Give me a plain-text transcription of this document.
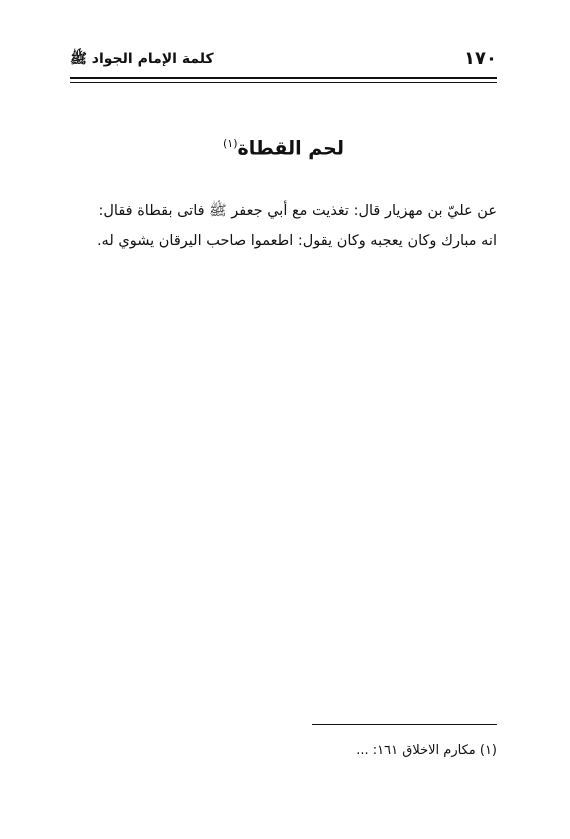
١٧٠
كلمة الإمام الجواد ﷺ
لحم القطاة$^{(١)}$
عن عليّ بن مهزيار قال: تغذيت مع أبي جعفر ﷺ فاتى بقطاة فقال:
انه مبارك وكان يعجبه وكان يقول: اطعموا صاحب اليرقان يشوي له.
(١) مكارم الاخلاق ١٦١: ...
